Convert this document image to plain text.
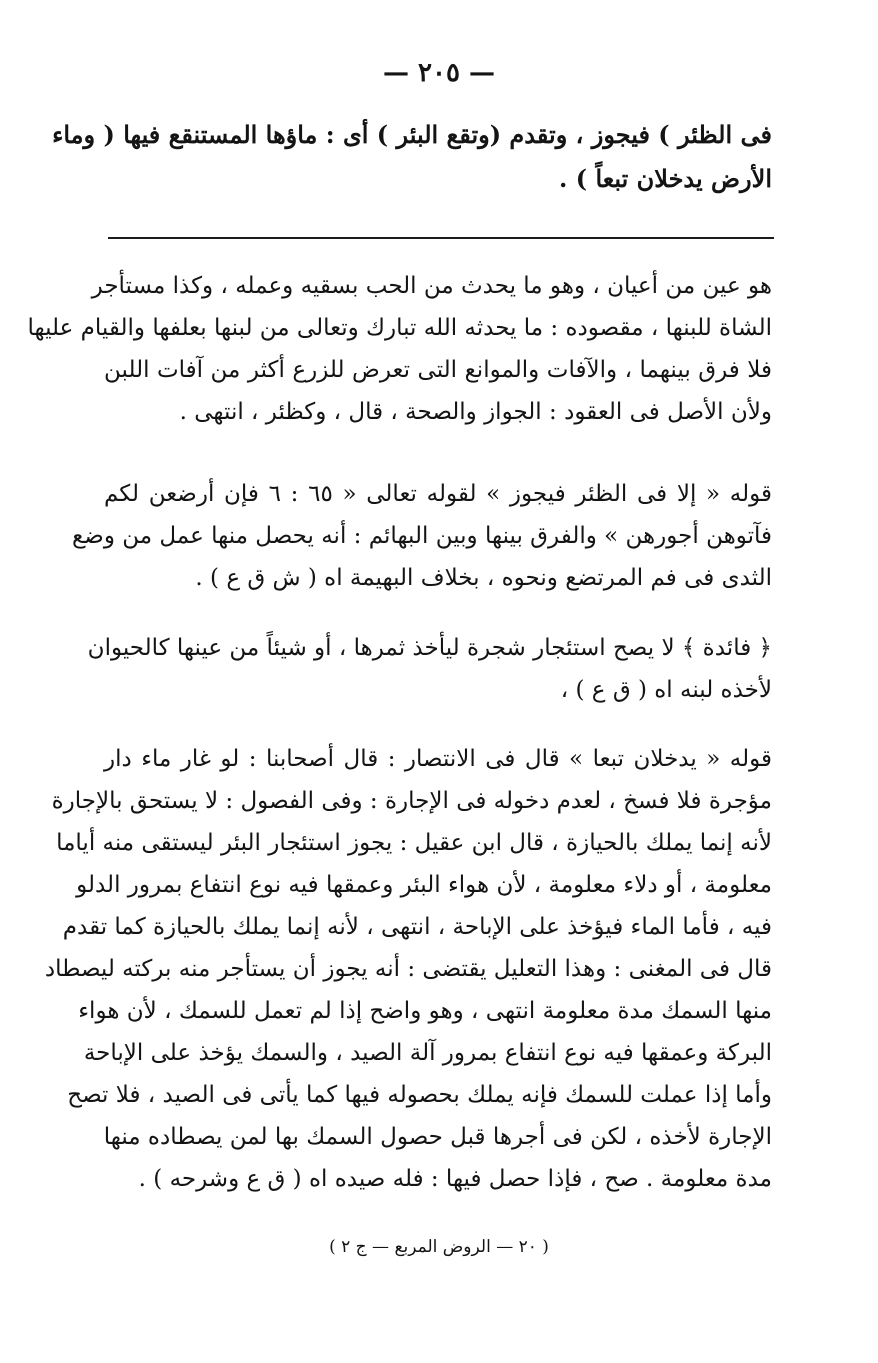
— ٢٠٥ —
فى الظئر ) فيجوز ، وتقدم (وتقع البئر ) أى : ماؤها المستنقع فيها ( وماء
الأرض يدخلان تبعاً ) .
هو عين من أعيان ، وهو ما يحدث من الحب بسقيه وعمله ، وكذا مستأجر
الشاة للبنها ، مقصوده : ما يحدثه الله تبارك وتعالى من لبنها بعلفها والقيام عليها
فلا فرق بينهما ، والآفات والموانع التى تعرض للزرع أكثر من آفات اللبن
ولأن الأصل فى العقود : الجواز والصحة ، قال ، وكظئر ، انتهى .
قوله « إلا فى الظئر فيجوز » لقوله تعالى « ٦٥ : ٦ فإن أرضعن لكم
فآتوهن أجورهن » والفرق بينها وبين البهائم : أنه يحصل منها عمل من وضع
الثدى فى فم المرتضع ونحوه ، بخلاف البهيمة اه ( ش ق ع ) .
﴿ فائدة ﴾ لا يصح استئجار شجرة ليأخذ ثمرها ، أو شيئاً من عينها كالحيوان
لأخذه لبنه اه ( ق ع ) ،
قوله « يدخلان تبعا » قال فى الانتصار : قال أصحابنا : لو غار ماء دار
مؤجرة فلا فسخ ، لعدم دخوله فى الإجارة : وفى الفصول : لا يستحق بالإجارة
لأنه إنما يملك بالحيازة ، قال ابن عقيل : يجوز استئجار البئر ليستقى منه أياما
معلومة ، أو دلاء معلومة ، لأن هواء البئر وعمقها فيه نوع انتفاع بمرور الدلو
فيه ، فأما الماء فيؤخذ على الإباحة ، انتهى ، لأنه إنما يملك بالحيازة كما تقدم
قال فى المغنى : وهذا التعليل يقتضى : أنه يجوز أن يستأجر منه بركته ليصطاد
منها السمك مدة معلومة انتهى ، وهو واضح إذا لم تعمل للسمك ، لأن هواء
البركة وعمقها فيه نوع انتفاع بمرور آلة الصيد ، والسمك يؤخذ على الإباحة
وأما إذا عملت للسمك فإنه يملك بحصوله فيها كما يأتى فى الصيد ، فلا تصح
الإجارة لأخذه ، لكن فى أجرها قبل حصول السمك بها لمن يصطاده منها
مدة معلومة . صح ، فإذا حصل فيها : فله صيده اه ( ق ع وشرحه ) .
( ٢٠ — الروض المربع — ج ٢ )
